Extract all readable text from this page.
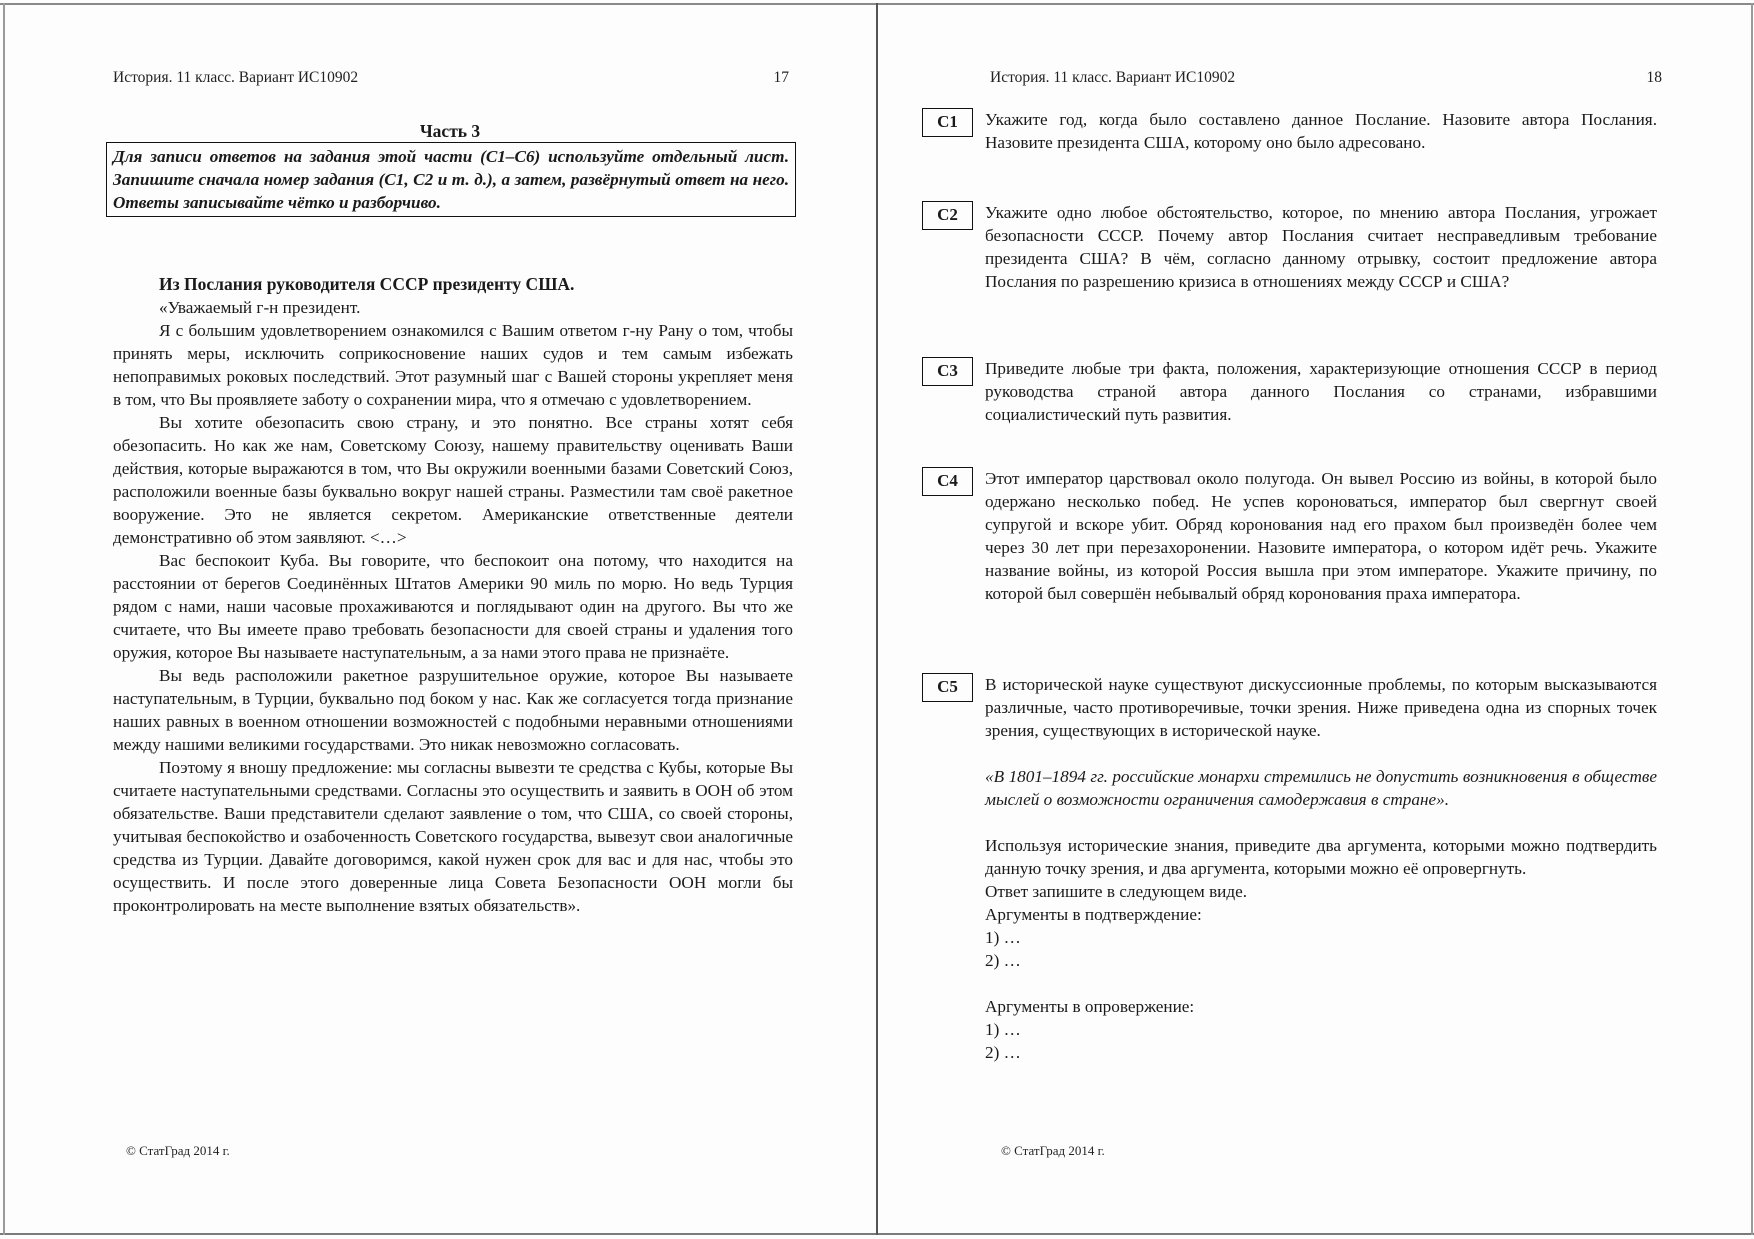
История. 11 класс. Вариант ИС10902	17
Часть 3
Для записи ответов на задания этой части (С1–С6) используйте отдельный лист. Запишите сначала номер задания (С1, С2 и т. д.), а затем, развёрнутый ответ на него. Ответы записывайте чётко и разборчиво.
Из Послания руководителя СССР президенту США.

«Уважаемый г-н президент.

Я с большим удовлетворением ознакомился с Вашим ответом г-ну Рану о том, чтобы принять меры, исключить соприкосновение наших судов и тем самым избежать непоправимых роковых последствий. Этот разумный шаг с Вашей стороны укрепляет меня в том, что Вы проявляете заботу о сохранении мира, что я отмечаю с удовлетворением.

Вы хотите обезопасить свою страну, и это понятно. Все страны хотят себя обезопасить. Но как же нам, Советскому Союзу, нашему правительству оценивать Ваши действия, которые выражаются в том, что Вы окружили военными базами Советский Союз, расположили военные базы буквально вокруг нашей страны. Разместили там своё ракетное вооружение. Это не является секретом. Американские ответственные деятели демонстративно об этом заявляют. <…>

Вас беспокоит Куба. Вы говорите, что беспокоит она потому, что находится на расстоянии от берегов Соединённых Штатов Америки 90 миль по морю. Но ведь Турция рядом с нами, наши часовые прохаживаются и поглядывают один на другого. Вы что же считаете, что Вы имеете право требовать безопасности для своей страны и удаления того оружия, которое Вы называете наступательным, а за нами этого права не признаёте.

Вы ведь расположили ракетное разрушительное оружие, которое Вы называете наступательным, в Турции, буквально под боком у нас. Как же согласуется тогда признание наших равных в военном отношении возможностей с подобными неравными отношениями между нашими великими государствами. Это никак невозможно согласовать.

Поэтому я вношу предложение: мы согласны вывезти те средства с Кубы, которые Вы считаете наступательными средствами. Согласны это осуществить и заявить в ООН об этом обязательстве. Ваши представители сделают заявление о том, что США, со своей стороны, учитывая беспокойство и озабоченность Советского государства, вывезут свои аналогичные средства из Турции. Давайте договоримся, какой нужен срок для вас и для нас, чтобы это осуществить. И после этого доверенные лица Совета Безопасности ООН могли бы проконтролировать на месте выполнение взятых обязательств».

© СтатГрад 2014 г.
История. 11 класс. Вариант ИС10902	18
С1	Укажите год, когда было составлено данное Послание. Назовите автора Послания. Назовите президента США, которому оно было адресовано.
С2	Укажите одно любое обстоятельство, которое, по мнению автора Послания, угрожает безопасности СССР. Почему автор Послания считает несправедливым требование президента США? В чём, согласно данному отрывку, состоит предложение автора Послания по разрешению кризиса в отношениях между СССР и США?
С3	Приведите любые три факта, положения, характеризующие отношения СССР в период руководства страной автора данного Послания со странами, избравшими социалистический путь развития.
С4	Этот император царствовал около полугода. Он вывел Россию из войны, в которой было одержано несколько побед. Не успев короноваться, император был свергнут своей супругой и вскоре убит. Обряд коронования над его прахом был произведён более чем через 30 лет при перезахоронении. Назовите императора, о котором идёт речь. Укажите название войны, из которой Россия вышла при этом императоре. Укажите причину, по которой был совершён небывалый обряд коронования праха императора.
С5	В исторической науке существуют дискуссионные проблемы, по которым высказываются различные, часто противоречивые, точки зрения. Ниже приведена одна из спорных точек зрения, существующих в исторической науке.

«В 1801–1894 гг. российские монархи стремились не допустить возникновения в обществе мыслей о возможности ограничения самодержавия в стране».

Используя исторические знания, приведите два аргумента, которыми можно подтвердить данную точку зрения, и два аргумента, которыми можно её опровергнуть.

Ответ запишите в следующем виде.

Аргументы в подтверждение:

1) …

2) …

Аргументы в опровержение:

1) …

2) …

© СтатГрад 2014 г.
